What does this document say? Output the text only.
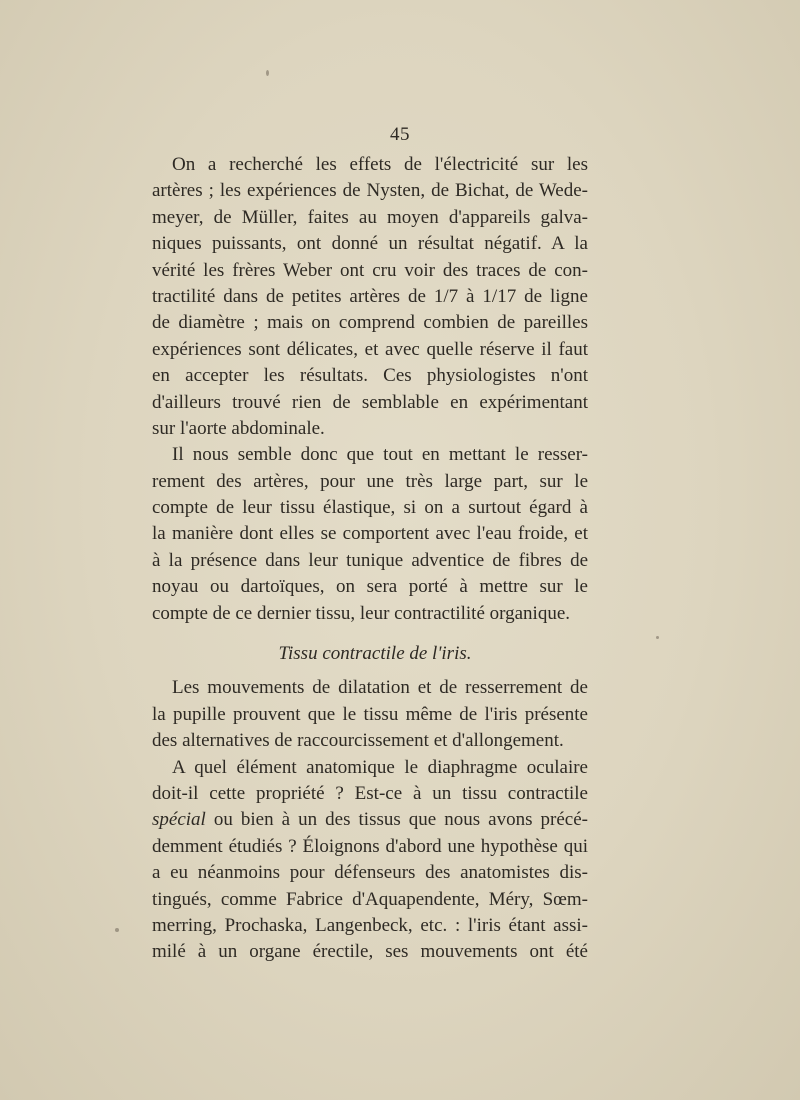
45
On a recherché les effets de l'électricité sur les
artères ; les expériences de Nysten, de Bichat, de Wede-
meyer, de Müller, faites au moyen d'appareils galva-
niques puissants, ont donné un résultat négatif. A la
vérité les frères Weber ont cru voir des traces de con-
tractilité dans de petites artères de 1/7 à 1/17 de ligne
de diamètre ; mais on comprend combien de pareilles
expériences sont délicates, et avec quelle réserve il faut
en accepter les résultats. Ces physiologistes n'ont
d'ailleurs trouvé rien de semblable en expérimentant
sur l'aorte abdominale.
Il nous semble donc que tout en mettant le resser-
rement des artères, pour une très large part, sur le
compte de leur tissu élastique, si on a surtout égard à
la manière dont elles se comportent avec l'eau froide, et
à la présence dans leur tunique adventice de fibres de
noyau ou dartoïques, on sera porté à mettre sur le
compte de ce dernier tissu, leur contractilité organique.
Tissu contractile de l'iris.
Les mouvements de dilatation et de resserrement de
la pupille prouvent que le tissu même de l'iris présente
des alternatives de raccourcissement et d'allongement.
A quel élément anatomique le diaphragme oculaire
doit-il cette propriété ? Est-ce à un tissu contractile
spécial ou bien à un des tissus que nous avons précé-
demment étudiés ? Éloignons d'abord une hypothèse qui
a eu néanmoins pour défenseurs des anatomistes dis-
tingués, comme Fabrice d'Aquapendente, Méry, Sœm-
merring, Prochaska, Langenbeck, etc. : l'iris étant assi-
milé à un organe érectile, ses mouvements ont été
